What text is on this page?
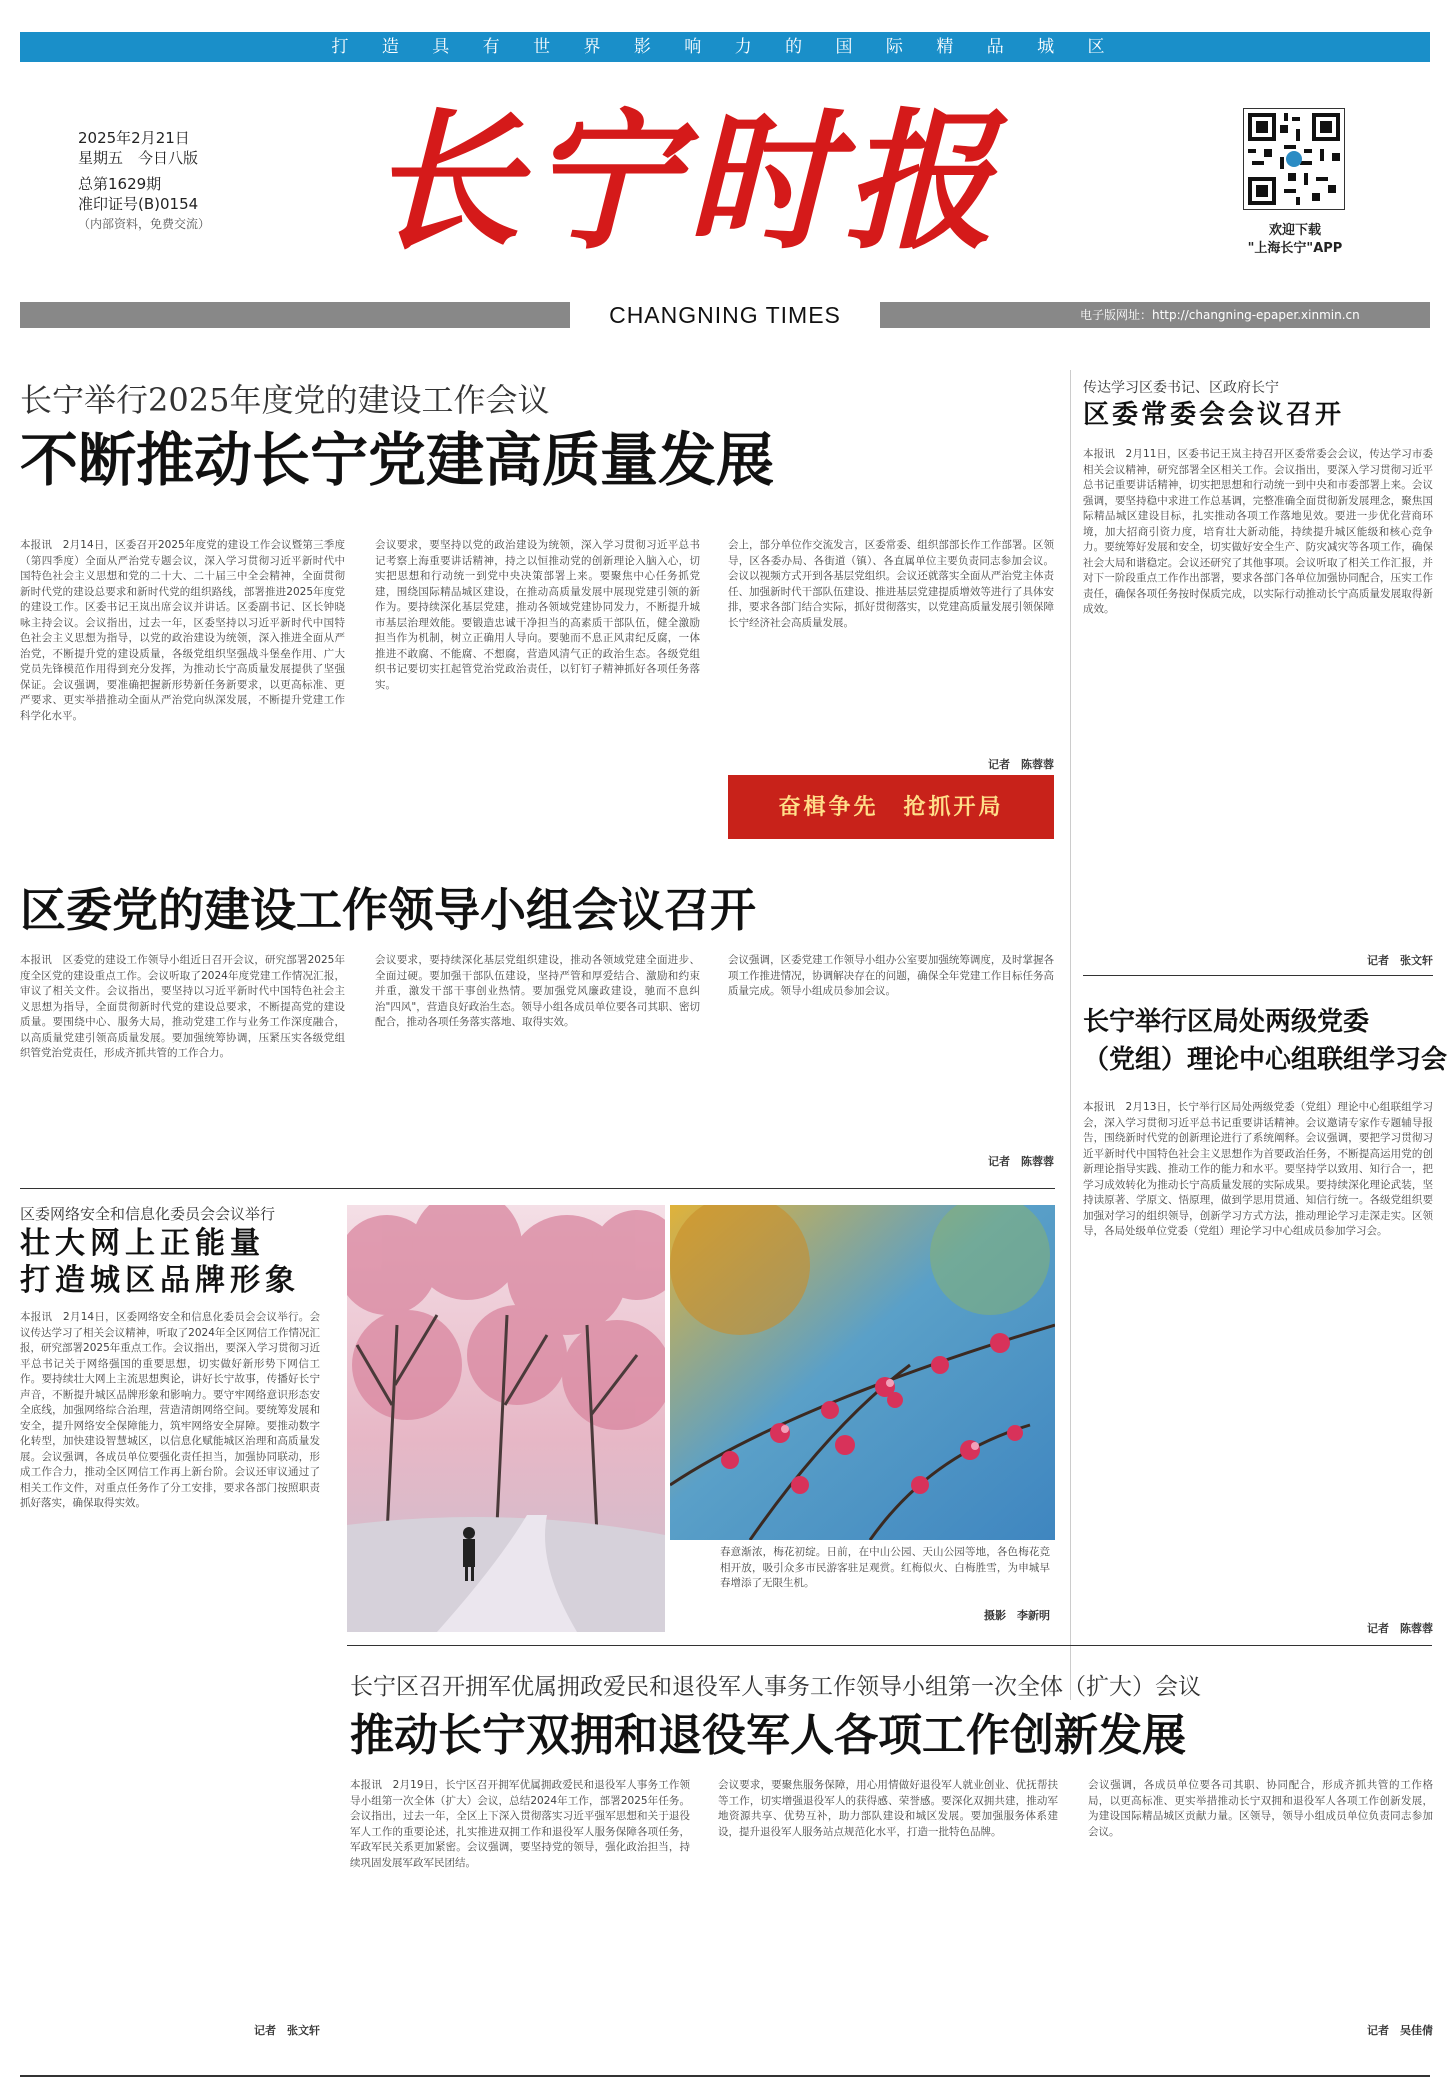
打 造 具 有 世 界 影 响 力 的 国 际 精 品 城 区
2025年2月21日
星期五　今日八版
总第1629期
准印证号(B)0154
（内部资料，免费交流） 长宁时报	欢迎下载
"上海长宁"APP
CHANGNING TIMES	电子版网址：http://changning-epaper.xinmin.cn
长宁举行2025年度党的建设工作会议
不断推动长宁党建高质量发展
本报讯　2月14日，区委召开2025年度党的建设工作会议暨第三季度（第四季度）全面从严治党专题会议，深入学习贯彻习近平新时代中国特色社会主义思想和党的二十大、二十届三中全会精神，全面贯彻新时代党的建设总要求和新时代党的组织路线，部署推进2025年度党的建设工作。区委书记王岚出席会议并讲话。区委副书记、区长钟晓咏主持会议。会议指出，过去一年，区委坚持以习近平新时代中国特色社会主义思想为指导，以党的政治建设为统领，深入推进全面从严治党，不断提升党的建设质量，各级党组织坚强战斗堡垒作用、广大党员先锋模范作用得到充分发挥，为推动长宁高质量发展提供了坚强保证。会议强调，要准确把握新形势新任务新要求，以更高标准、更严要求、更实举措推动全面从严治党向纵深发展，不断提升党建工作科学化水平。
会议要求，要坚持以党的政治建设为统领，深入学习贯彻习近平总书记考察上海重要讲话精神，持之以恒推动党的创新理论入脑入心，切实把思想和行动统一到党中央决策部署上来。要聚焦中心任务抓党建，围绕国际精品城区建设，在推动高质量发展中展现党建引领的新作为。要持续深化基层党建，推动各领域党建协同发力，不断提升城市基层治理效能。要锻造忠诚干净担当的高素质干部队伍，健全激励担当作为机制，树立正确用人导向。要驰而不息正风肃纪反腐，一体推进不敢腐、不能腐、不想腐，营造风清气正的政治生态。各级党组织书记要切实扛起管党治党政治责任，以钉钉子精神抓好各项任务落实。
会上，部分单位作交流发言，区委常委、组织部部长作工作部署。区领导，区各委办局、各街道（镇）、各直属单位主要负责同志参加会议。会议以视频方式开到各基层党组织。会议还就落实全面从严治党主体责任、加强新时代干部队伍建设、推进基层党建提质增效等进行了具体安排，要求各部门结合实际，抓好贯彻落实，以党建高质量发展引领保障长宁经济社会高质量发展。
记者　陈蓉蓉
奋楫争先　抢抓开局
传达学习区委书记、区政府长宁
区委常委会会议召开
本报讯　2月11日，区委书记王岚主持召开区委常委会会议，传达学习市委相关会议精神，研究部署全区相关工作。会议指出，要深入学习贯彻习近平总书记重要讲话精神，切实把思想和行动统一到中央和市委部署上来。会议强调，要坚持稳中求进工作总基调，完整准确全面贯彻新发展理念，聚焦国际精品城区建设目标，扎实推动各项工作落地见效。要进一步优化营商环境，加大招商引资力度，培育壮大新动能，持续提升城区能级和核心竞争力。要统筹好发展和安全，切实做好安全生产、防灾减灾等各项工作，确保社会大局和谐稳定。会议还研究了其他事项。会议听取了相关工作汇报，并对下一阶段重点工作作出部署，要求各部门各单位加强协同配合，压实工作责任，确保各项任务按时保质完成，以实际行动推动长宁高质量发展取得新成效。
记者　张文轩
长宁举行区局处两级党委
（党组）理论中心组联组学习会
本报讯　2月13日，长宁举行区局处两级党委（党组）理论中心组联组学习会，深入学习贯彻习近平总书记重要讲话精神。会议邀请专家作专题辅导报告，围绕新时代党的创新理论进行了系统阐释。会议强调，要把学习贯彻习近平新时代中国特色社会主义思想作为首要政治任务，不断提高运用党的创新理论指导实践、推动工作的能力和水平。要坚持学以致用、知行合一，把学习成效转化为推动长宁高质量发展的实际成果。要持续深化理论武装，坚持读原著、学原文、悟原理，做到学思用贯通、知信行统一。各级党组织要加强对学习的组织领导，创新学习方式方法，推动理论学习走深走实。区领导，各局处级单位党委（党组）理论学习中心组成员参加学习会。
记者　陈蓉蓉
区委党的建设工作领导小组会议召开
本报讯　区委党的建设工作领导小组近日召开会议，研究部署2025年度全区党的建设重点工作。会议听取了2024年度党建工作情况汇报，审议了相关文件。会议指出，要坚持以习近平新时代中国特色社会主义思想为指导，全面贯彻新时代党的建设总要求，不断提高党的建设质量。要围绕中心、服务大局，推动党建工作与业务工作深度融合，以高质量党建引领高质量发展。要加强统筹协调，压紧压实各级党组织管党治党责任，形成齐抓共管的工作合力。
会议要求，要持续深化基层党组织建设，推动各领域党建全面进步、全面过硬。要加强干部队伍建设，坚持严管和厚爱结合、激励和约束并重，激发干部干事创业热情。要加强党风廉政建设，驰而不息纠治"四风"，营造良好政治生态。领导小组各成员单位要各司其职、密切配合，推动各项任务落实落地、取得实效。
会议强调，区委党建工作领导小组办公室要加强统筹调度，及时掌握各项工作推进情况，协调解决存在的问题，确保全年党建工作目标任务高质量完成。领导小组成员参加会议。
记者　陈蓉蓉
区委网络安全和信息化委员会会议举行
壮大网上正能量
打造城区品牌形象
本报讯　2月14日，区委网络安全和信息化委员会会议举行。会议传达学习了相关会议精神，听取了2024年全区网信工作情况汇报，研究部署2025年重点工作。会议指出，要深入学习贯彻习近平总书记关于网络强国的重要思想，切实做好新形势下网信工作。要持续壮大网上主流思想舆论，讲好长宁故事，传播好长宁声音，不断提升城区品牌形象和影响力。要守牢网络意识形态安全底线，加强网络综合治理，营造清朗网络空间。要统筹发展和安全，提升网络安全保障能力，筑牢网络安全屏障。要推动数字化转型，加快建设智慧城区，以信息化赋能城区治理和高质量发展。会议强调，各成员单位要强化责任担当，加强协同联动，形成工作合力，推动全区网信工作再上新台阶。会议还审议通过了相关工作文件，对重点任务作了分工安排，要求各部门按照职责抓好落实，确保取得实效。
记者　张文轩
春意渐浓，梅花初绽。日前，在中山公园、天山公园等地，各色梅花竞相开放，吸引众多市民游客驻足观赏。红梅似火、白梅胜雪，为申城早春增添了无限生机。
摄影　李新明
长宁区召开拥军优属拥政爱民和退役军人事务工作领导小组第一次全体（扩大）会议
推动长宁双拥和退役军人各项工作创新发展
本报讯　2月19日，长宁区召开拥军优属拥政爱民和退役军人事务工作领导小组第一次全体（扩大）会议，总结2024年工作，部署2025年任务。会议指出，过去一年，全区上下深入贯彻落实习近平强军思想和关于退役军人工作的重要论述，扎实推进双拥工作和退役军人服务保障各项任务，军政军民关系更加紧密。会议强调，要坚持党的领导，强化政治担当，持续巩固发展军政军民团结。
会议要求，要聚焦服务保障，用心用情做好退役军人就业创业、优抚帮扶等工作，切实增强退役军人的获得感、荣誉感。要深化双拥共建，推动军地资源共享、优势互补，助力部队建设和城区发展。要加强服务体系建设，提升退役军人服务站点规范化水平，打造一批特色品牌。
会议强调，各成员单位要各司其职、协同配合，形成齐抓共管的工作格局，以更高标准、更实举措推动长宁双拥和退役军人各项工作创新发展，为建设国际精品城区贡献力量。区领导，领导小组成员单位负责同志参加会议。
记者　吴佳倩
